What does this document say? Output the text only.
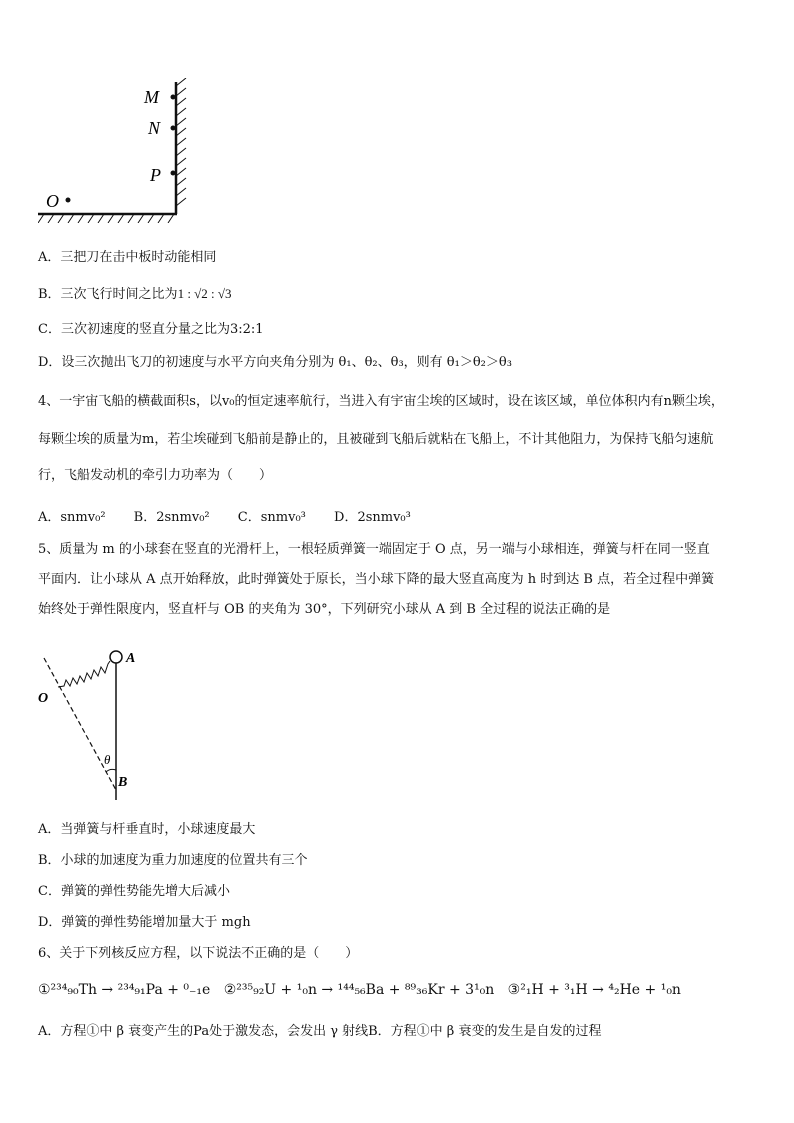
M
N
P
O
A．三把刀在击中板时动能相同
B．三次飞行时间之比为1 : √2 : √3
C．三次初速度的竖直分量之比为3:2:1
D．设三次抛出飞刀的初速度与水平方向夹角分别为 θ₁、θ₂、θ₃，则有 θ₁＞θ₂＞θ₃
4、一宇宙飞船的横截面积s，以v₀的恒定速率航行，当进入有宇宙尘埃的区域时，设在该区域，单位体积内有n颗尘埃，
每颗尘埃的质量为m，若尘埃碰到飞船前是静止的，且被碰到飞船后就粘在飞船上，不计其他阻力，为保持飞船匀速航
行，飞船发动机的牵引力功率为（　　）
A．snmv₀² B．2snmv₀² C．snmv₀³ D．2snmv₀³
5、质量为 m 的小球套在竖直的光滑杆上，一根轻质弹簧一端固定于 O 点，另一端与小球相连，弹簧与杆在同一竖直
平面内．让小球从 A 点开始释放，此时弹簧处于原长，当小球下降的最大竖直高度为 h 时到达 B 点，若全过程中弹簧
始终处于弹性限度内，竖直杆与 OB 的夹角为 30°，下列研究小球从 A 到 B 全过程的说法正确的是
O
A
θ
B
A．当弹簧与杆垂直时，小球速度最大
B．小球的加速度为重力加速度的位置共有三个
C．弹簧的弹性势能先增大后减小
D．弹簧的弹性势能增加量大于 mgh
6、关于下列核反应方程，以下说法不正确的是（　　）
①²³⁴₉₀Th → ²³⁴₉₁Pa + ⁰₋₁e ②²³⁵₉₂U + ¹₀n → ¹⁴⁴₅₆Ba + ⁸⁹₃₆Kr + 3¹₀n ③²₁H + ³₁H → ⁴₂He + ¹₀n
A．方程①中 β 衰变产生的Pa处于激发态，会发出 γ 射线B．方程①中 β 衰变的发生是自发的过程
